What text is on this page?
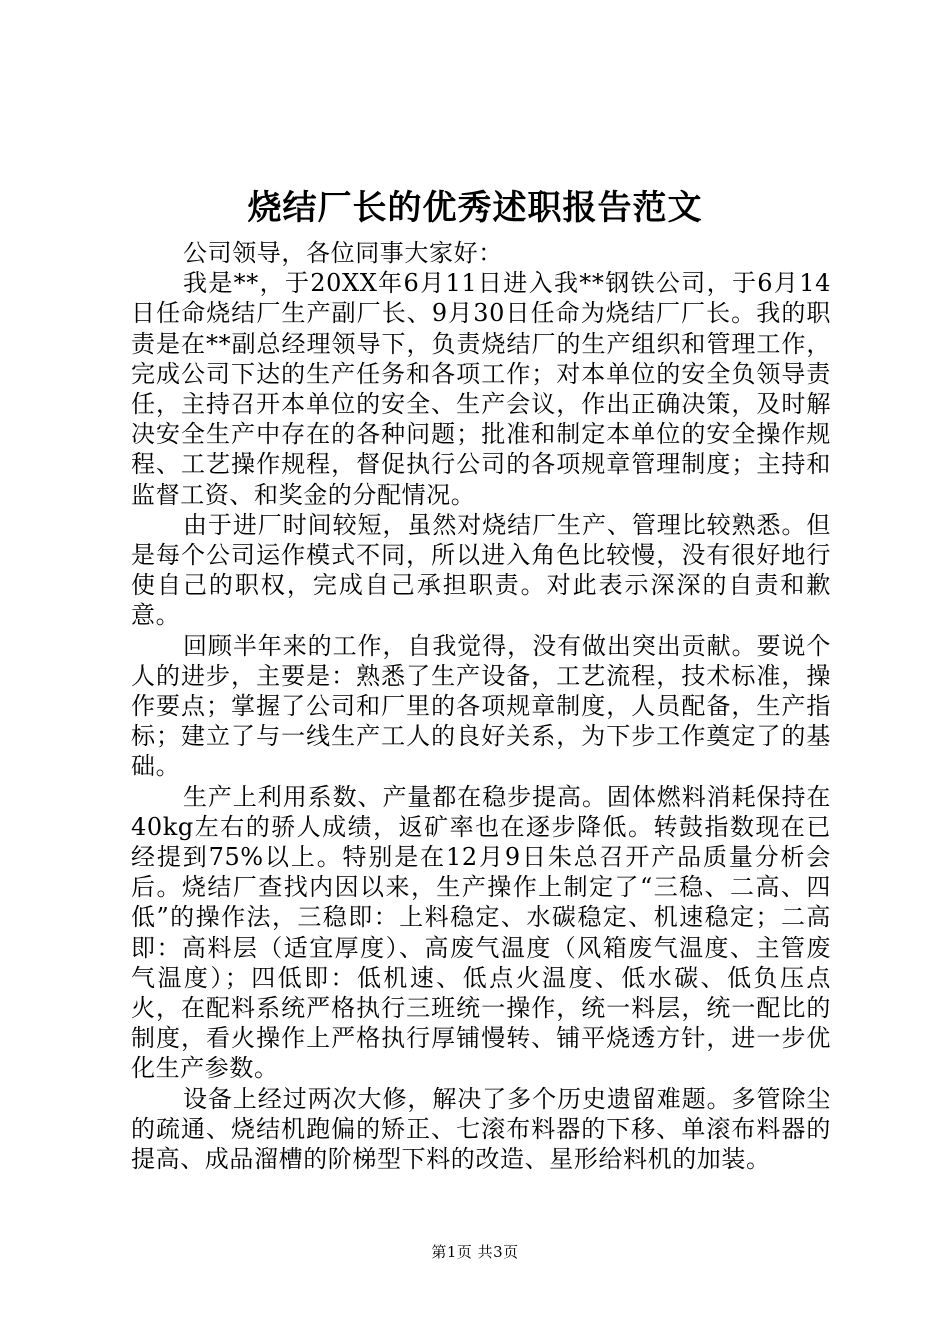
烧结厂长的优秀述职报告范文

公司领导，各位同事大家好：

我是**，于20XX年6月11日进入我**钢铁公司，于6月14日任命烧结厂生产副厂长、9月30日任命为烧结厂厂长。我的职责是在**副总经理领导下，负责烧结厂的生产组织和管理工作，完成公司下达的生产任务和各项工作；对本单位的安全负领导责任，主持召开本单位的安全、生产会议，作出正确决策，及时解决安全生产中存在的各种问题；批准和制定本单位的安全操作规程、工艺操作规程，督促执行公司的各项规章管理制度；主持和监督工资、和奖金的分配情况。

由于进厂时间较短，虽然对烧结厂生产、管理比较熟悉。但是每个公司运作模式不同，所以进入角色比较慢，没有很好地行使自己的职权，完成自己承担职责。对此表示深深的自责和歉意。

回顾半年来的工作，自我觉得，没有做出突出贡献。要说个人的进步，主要是：熟悉了生产设备，工艺流程，技术标准，操作要点；掌握了公司和厂里的各项规章制度，人员配备，生产指标；建立了与一线生产工人的良好关系，为下步工作奠定了的基础。

生产上利用系数、产量都在稳步提高。固体燃料消耗保持在40kg左右的骄人成绩，返矿率也在逐步降低。转鼓指数现在已经提到75%以上。特别是在12月9日朱总召开产品质量分析会后。烧结厂查找内因以来，生产操作上制定了“三稳、二高、四低”的操作法，三稳即：上料稳定、水碳稳定、机速稳定；二高即：高料层（适宜厚度）、高废气温度（风箱废气温度、主管废气温度）；四低即：低机速、低点火温度、低水碳、低负压点火，在配料系统严格执行三班统一操作，统一料层，统一配比的制度，看火操作上严格执行厚铺慢转、铺平烧透方针，进一步优化生产参数。

设备上经过两次大修，解决了多个历史遗留难题。多管除尘的疏通、烧结机跑偏的矫正、七滚布料器的下移、单滚布料器的提高、成品溜槽的阶梯型下料的改造、星形给料机的加装。

第1页 共3页
